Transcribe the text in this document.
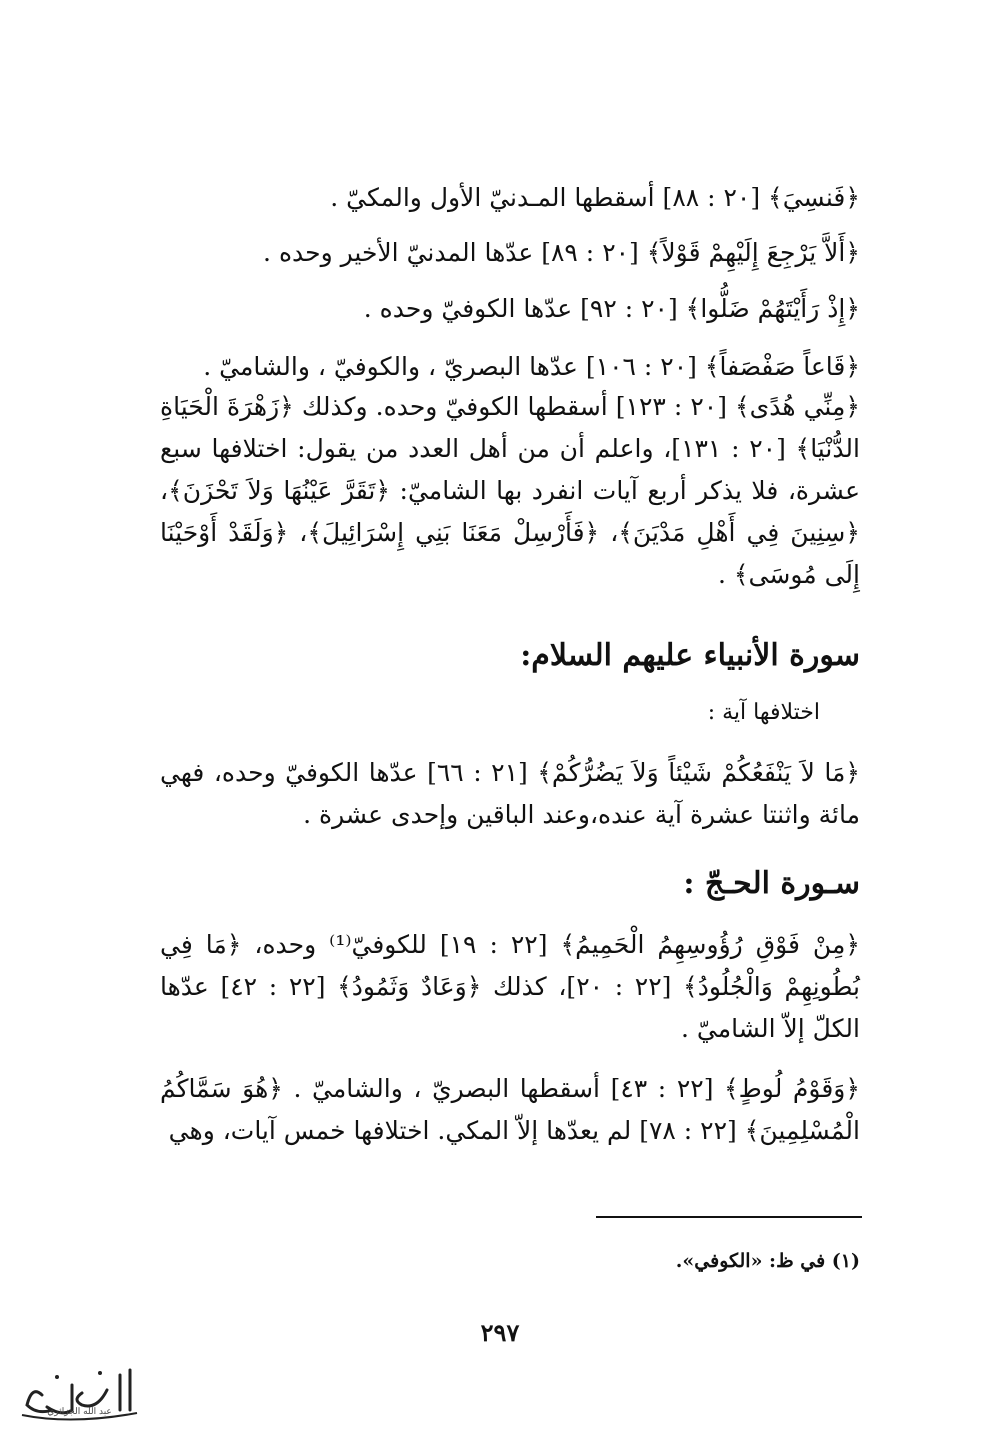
﴿فَنسِيَ﴾ [٢٠ : ٨٨] أسقطها المـدنيّ الأول والمكيّ .
﴿أَلاَّ يَرْجِعَ إِلَيْهِمْ قَوْلاً﴾ [٢٠ : ٨٩] عدّها المدنيّ الأخير وحده .
﴿إِذْ رَأَيْتَهُمْ ضَلُّوا﴾ [٢٠ : ٩٢] عدّها الكوفيّ وحده .
﴿قَاعاً صَفْصَفاً﴾ [٢٠ : ١٠٦] عدّها البصريّ ، والكوفيّ ، والشاميّ .
﴿مِنِّي هُدًى﴾ [٢٠ : ١٢٣] أسقطها الكوفيّ وحده. وكذلك ﴿زَهْرَةَ الْحَيَاةِ الدُّنْيَا﴾ [٢٠ : ١٣١]، واعلم أن من أهل العدد من يقول: اختلافها سبع عشرة، فلا يذكر أربع آيات انفرد بها الشاميّ: ﴿تَقَرَّ عَيْنُهَا وَلاَ تَحْزَنَ﴾، ﴿سِنِينَ فِي أَهْلِ مَدْيَنَ﴾، ﴿فَأَرْسِلْ مَعَنَا بَنِي إِسْرَائِيلَ﴾، ﴿وَلَقَدْ أَوْحَيْنَا إِلَى مُوسَى﴾ .
سورة الأنبياء عليهم السلام:
اختلافها آية :
﴿مَا لاَ يَنْفَعُكُمْ شَيْئاً وَلاَ يَضُرُّكُمْ﴾ [٢١ : ٦٦] عدّها الكوفيّ وحده، فهي مائة واثنتا عشرة آية عنده،وعند الباقين وإحدى عشرة .
سـورة الحـجّ :
﴿مِنْ فَوْقِ رُؤُوسِهِمُ الْحَمِيمُ﴾ [٢٢ : ١٩] للكوفيّ⁽¹⁾ وحده، ﴿مَا فِي بُطُونِهِمْ وَالْجُلُودُ﴾ [٢٢ : ٢٠]، كذلك ﴿وَعَادٌ وَثَمُودُ﴾ [٢٢ : ٤٢] عدّها الكلّ إلاّ الشاميّ .
﴿وَقَوْمُ لُوطٍ﴾ [٢٢ : ٤٣] أسقطها البصريّ ، والشاميّ . ﴿هُوَ سَمَّاكُمُ الْمُسْلِمِينَ﴾ [٢٢ : ٧٨] لم يعدّها إلاّ المكي. اختلافها خمس آيات، وهي
(١) في ظ: «الكوفي».
٢٩٧
عبد الله الجزائري
